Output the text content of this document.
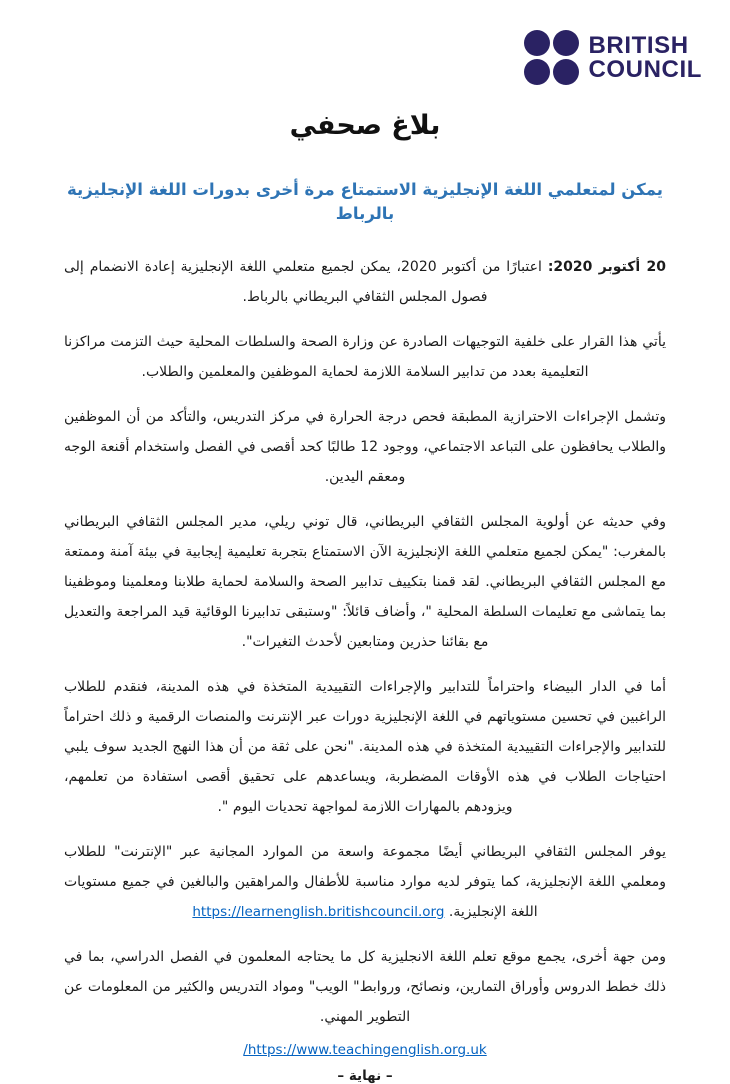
BRITISH
COUNCIL
بلاغ صحفي
يمكن لمتعلمي اللغة الإنجليزية الاستمتاع مرة أخرى بدورات اللغة الإنجليزية بالرباط

20 أكتوبر 2020: اعتبارًا من أكتوبر 2020، يمكن لجميع متعلمي اللغة الإنجليزية إعادة الانضمام إلى فصول المجلس الثقافي البريطاني بالرباط.

يأتي هذا القرار على خلفية التوجيهات الصادرة عن وزارة الصحة والسلطات المحلية حيث التزمت مراكزنا التعليمية بعدد من تدابير السلامة اللازمة لحماية الموظفين والمعلمين والطلاب.

وتشمل الإجراءات الاحترازية المطبقة فحص درجة الحرارة في مركز التدريس، والتأكد من أن الموظفين والطلاب يحافظون على التباعد الاجتماعي، ووجود 12 طالبًا كحد أقصى في الفصل واستخدام أقنعة الوجه ومعقم اليدين.

وفي حديثه عن أولوية المجلس الثقافي البريطاني، قال توني ريلي، مدير المجلس الثقافي البريطاني بالمغرب: "يمكن لجميع متعلمي اللغة الإنجليزية الآن الاستمتاع بتجربة تعليمية إيجابية في بيئة آمنة وممتعة مع المجلس الثقافي البريطاني. لقد قمنا بتكييف تدابير الصحة والسلامة لحماية طلابنا ومعلمينا وموظفينا بما يتماشى مع تعليمات السلطة المحلية "، وأضاف قائلاً: "وستبقى تدابيرنا الوقائية قيد المراجعة والتعديل مع بقائنا حذرين ومتابعين لأحدث التغيرات".

أما في الدار البيضاء واحتراماً للتدابير والإجراءات التقييدية المتخذة في هذه المدينة، فنقدم للطلاب الراغبين في تحسين مستوياتهم في اللغة الإنجليزية دورات عبر الإنترنت والمنصات الرقمية و ذلك احتراماً للتدابير والإجراءات التقييدية المتخذة في هذه المدينة. "نحن على ثقة من أن هذا النهج الجديد سوف يلبي احتياجات الطلاب في هذه الأوقات المضطربة، ويساعدهم على تحقيق أقصى استفادة من تعلمهم، ويزودهم بالمهارات اللازمة لمواجهة تحديات اليوم ".

يوفر المجلس الثقافي البريطاني أيضًا مجموعة واسعة من الموارد المجانية عبر "الإنترنت" للطلاب ومعلمي اللغة الإنجليزية، كما يتوفر لديه موارد مناسبة للأطفال والمراهقين والبالغين في جميع مستويات اللغة الإنجليزية. https://learnenglish.britishcouncil.org

ومن جهة أخرى، يجمع موقع تعلم اللغة الانجليزية كل ما يحتاجه المعلمون في الفصل الدراسي، بما في ذلك خطط الدروس وأوراق التمارين، ونصائح، وروابط" الويب" ومواد التدريس والكثير من المعلومات عن التطوير المهني.

/https://www.teachingenglish.org.uk
– نهاية –
